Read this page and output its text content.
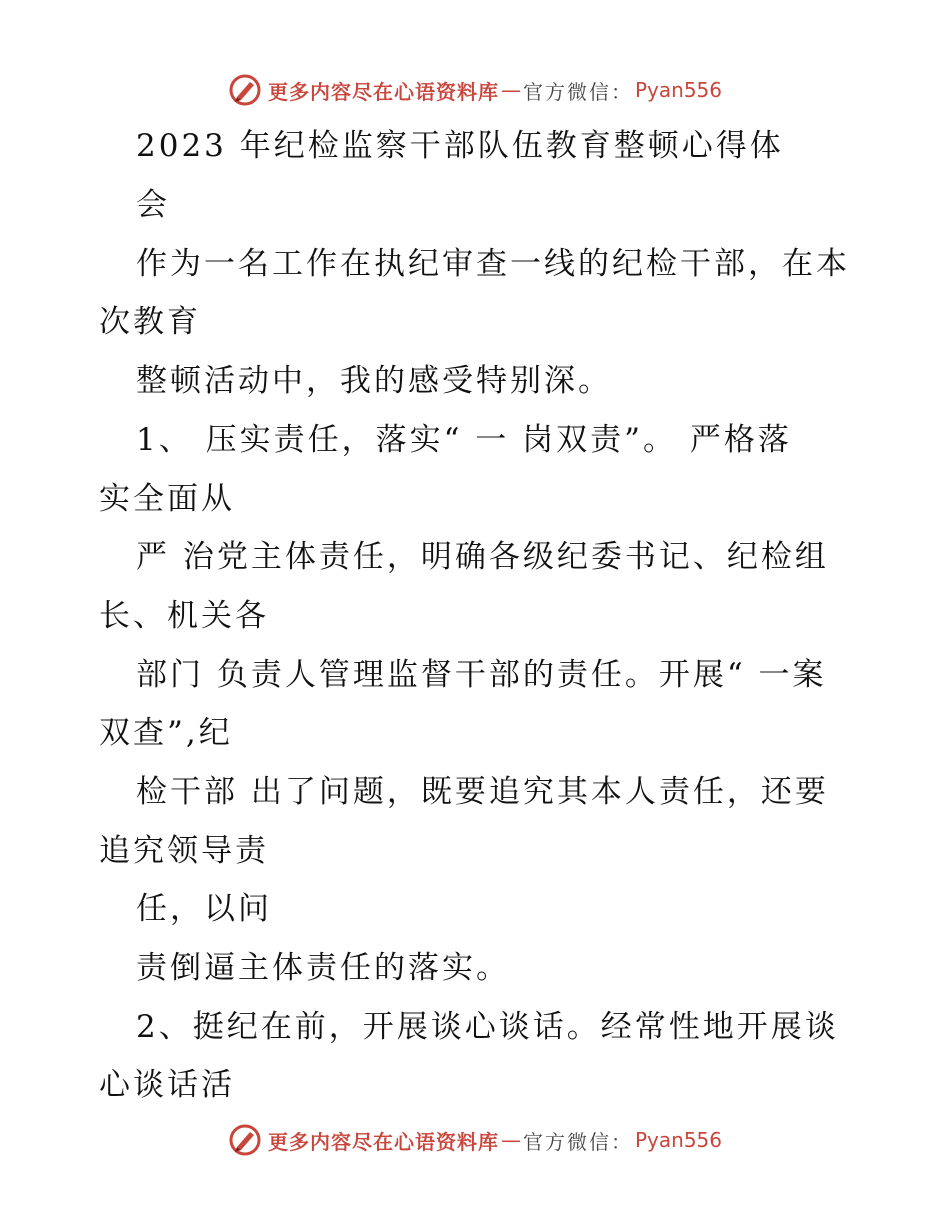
更多内容尽在心语资料库 — 官方微信： Pyan556
2023 年纪检监察干部队伍教育整顿心得体
会
作为一名工作在执纪审查一线的纪检干部，在本
次教育
整顿活动中，我的感受特别深。
1、 压实责任，落实“ 一 岗双责”。 严格落
实全面从
严 治党主体责任，明确各级纪委书记、纪检组
长、机关各
部门 负责人管理监督干部的责任。开展“ 一案
双查”,纪
检干部 出了问题，既要追究其本人责任，还要
追究领导责
任，以问
责倒逼主体责任的落实。
2、挺纪在前，开展谈心谈话。经常性地开展谈
心谈话活
更多内容尽在心语资料库 — 官方微信： Pyan556
